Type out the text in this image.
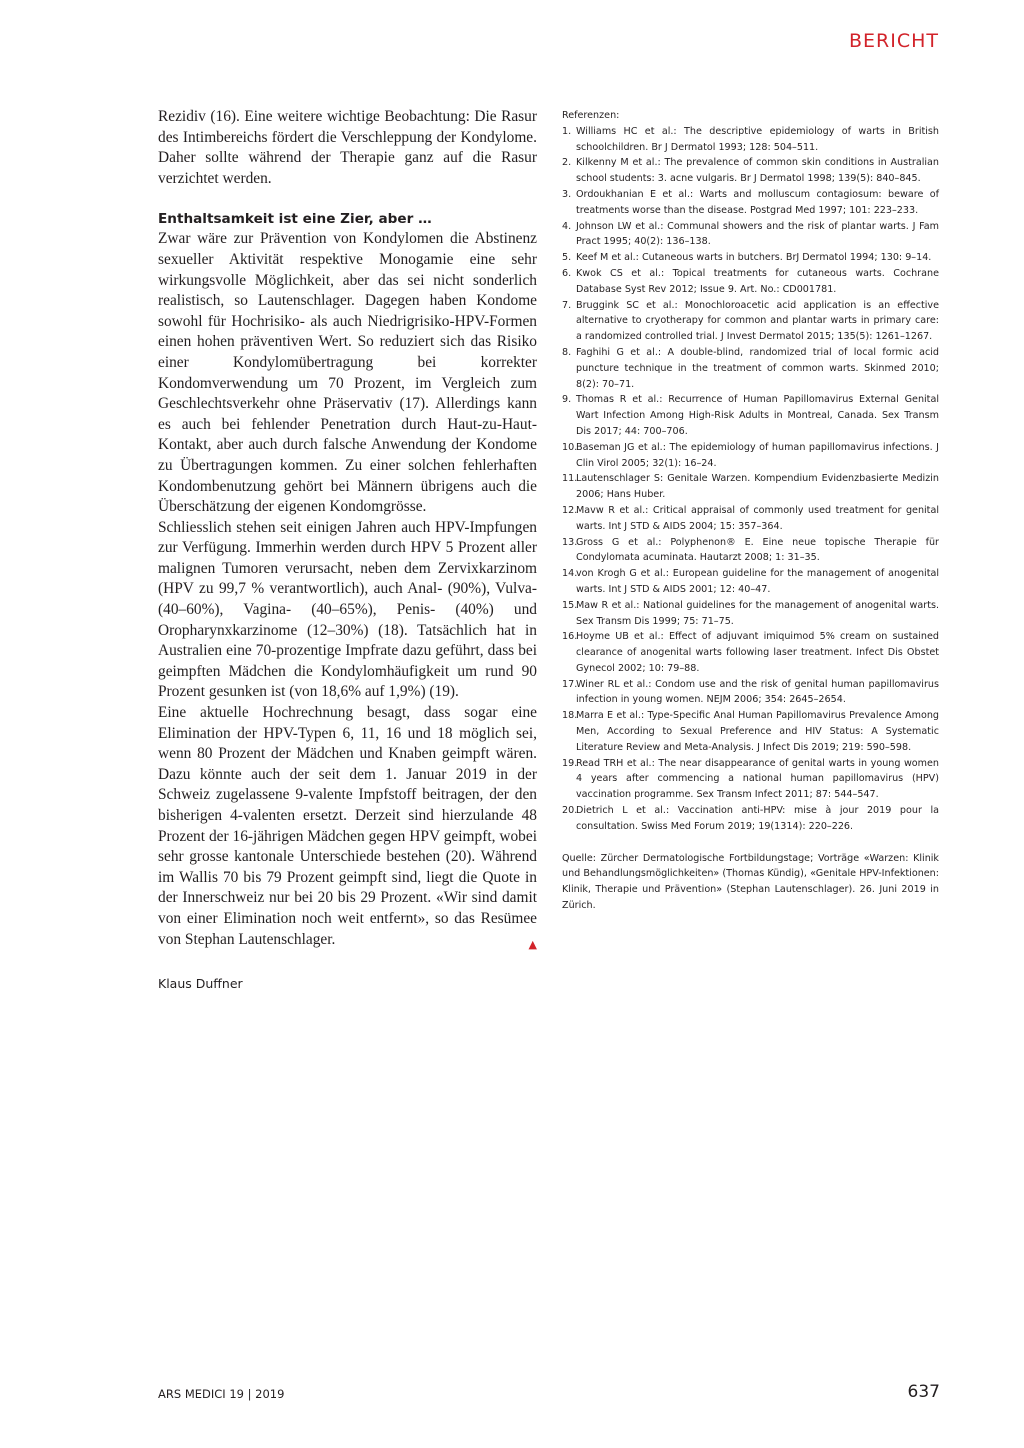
BERICHT

Rezidiv (16). Eine weitere wichtige Beobachtung: Die Rasur des Intimbereichs fördert die Verschleppung der Kondylome. Daher sollte während der Therapie ganz auf die Rasur verzichtet werden.

Enthaltsamkeit ist eine Zier, aber …

Zwar wäre zur Prävention von Kondylomen die Abstinenz sexueller Aktivität respektive Monogamie eine sehr wirkungsvolle Möglichkeit, aber das sei nicht sonderlich realistisch, so Lautenschlager. Dagegen haben Kondome sowohl für Hochrisiko- als auch Niedrigrisiko-HPV-Formen einen hohen präventiven Wert. So reduziert sich das Risiko einer Kondylomübertragung bei korrekter Kondomverwendung um 70 Prozent, im Vergleich zum Geschlechtsverkehr ohne Präservativ (17). Allerdings kann es auch bei fehlender Penetration durch Haut-zu-Haut-Kontakt, aber auch durch falsche Anwendung der Kondome zu Übertragungen kommen. Zu einer solchen fehlerhaften Kondombenutzung gehört bei Männern übrigens auch die Überschätzung der eigenen Kondomgrösse.

Schliesslich stehen seit einigen Jahren auch HPV-Impfungen zur Verfügung. Immerhin werden durch HPV 5 Prozent aller malignen Tumoren verursacht, neben dem Zervixkarzinom (HPV zu 99,7 % verantwortlich), auch Anal- (90%), Vulva- (40–60%), Vagina- (40–65%), Penis- (40%) und Oropharynxkarzinome (12–30%) (18). Tatsächlich hat in Australien eine 70-prozentige Impfrate dazu geführt, dass bei geimpften Mädchen die Kondylomhäufigkeit um rund 90 Prozent gesunken ist (von 18,6% auf 1,9%) (19).

Eine aktuelle Hochrechnung besagt, dass sogar eine Elimination der HPV-Typen 6, 11, 16 und 18 möglich sei, wenn 80 Prozent der Mädchen und Knaben geimpft wären. Dazu könnte auch der seit dem 1. Januar 2019 in der Schweiz zugelassene 9-valente Impfstoff beitragen, der den bisherigen 4-valenten ersetzt. Derzeit sind hierzulande 48 Prozent der 16-jährigen Mädchen gegen HPV geimpft, wobei sehr grosse kantonale Unterschiede bestehen (20). Während im Wallis 70 bis 79 Prozent geimpft sind, liegt die Quote in der Innerschweiz nur bei 20 bis 29 Prozent. «Wir sind damit von einer Elimination noch weit entfernt», so das Resümee von Stephan Lautenschlager.	▲

Klaus Duffner

Referenzen:

1. Williams HC et al.: The descriptive epidemiology of warts in British schoolchildren. Br J Dermatol 1993; 128: 504–511.
2. Kilkenny M et al.: The prevalence of common skin conditions in Australian school students: 3. acne vulgaris. Br J Dermatol 1998; 139(5): 840–845.
3. Ordoukhanian E et al.: Warts and molluscum contagiosum: beware of treatments worse than the disease. Postgrad Med 1997; 101: 223–233.
4. Johnson LW et al.: Communal showers and the risk of plantar warts. J Fam Pract 1995; 40(2): 136–138.
5. Keef M et al.: Cutaneous warts in butchers. BrJ Dermatol 1994; 130: 9–14.
6. Kwok CS et al.: Topical treatments for cutaneous warts. Cochrane Database Syst Rev 2012; Issue 9. Art. No.: CD001781.
7. Bruggink SC et al.: Monochloroacetic acid application is an effective alternative to cryotherapy for common and plantar warts in primary care: a randomized controlled trial. J Invest Dermatol 2015; 135(5): 1261–1267.
8. Faghihi G et al.: A double-blind, randomized trial of local formic acid puncture technique in the treatment of common warts. Skinmed 2010; 8(2): 70–71.
9. Thomas R et al.: Recurrence of Human Papillomavirus External Genital Wart Infection Among High-Risk Adults in Montreal, Canada. Sex Transm Dis 2017; 44: 700–706.
10.
Baseman JG et al.: The epidemiology of human papillomavirus infections. J Clin Virol 2005; 32(1): 16–24.
11.
Lautenschlager S: Genitale Warzen. Kompendium Evidenzbasierte Medizin 2006; Hans Huber.
12.
Mavw R et al.: Critical appraisal of commonly used treatment for genital warts. Int J STD & AIDS 2004; 15: 357–364.
13.
Gross G et al.: Polyphenon® E. Eine neue topische Therapie für Condylomata acuminata. Hautarzt 2008; 1: 31–35.
14.
von Krogh G et al.: European guideline for the management of anogenital warts. Int J STD & AIDS 2001; 12: 40–47.
15.
Maw R et al.: National guidelines for the management of anogenital warts. Sex Transm Dis 1999; 75: 71–75.
16.
Hoyme UB et al.: Effect of adjuvant imiquimod 5% cream on sustained clearance of anogenital warts following laser treatment. Infect Dis Obstet Gynecol 2002; 10: 79–88.
17.
Winer RL et al.: Condom use and the risk of genital human papillomavirus infection in young women. NEJM 2006; 354: 2645–2654.
18.
Marra E et al.: Type-Specific Anal Human Papillomavirus Prevalence Among Men, According to Sexual Preference and HIV Status: A Systematic Literature Review and Meta-Analysis. J Infect Dis 2019; 219: 590–598.
19.
Read TRH et al.: The near disappearance of genital warts in young women 4 years after commencing a national human papillomavirus (HPV) vaccination programme. Sex Transm Infect 2011; 87: 544–547.
20.
Dietrich L et al.: Vaccination anti-HPV: mise à jour 2019 pour la consultation. Swiss Med Forum 2019; 19(1314): 220–226.

Quelle: Zürcher Dermatologische Fortbildungstage; Vorträge «Warzen: Klinik und Behandlungsmöglichkeiten» (Thomas Kündig), «Genitale HPV-Infektionen: Klinik, Therapie und Prävention» (Stephan Lautenschlager). 26. Juni 2019 in Zürich.

ARS MEDICI 19 | 2019	637
